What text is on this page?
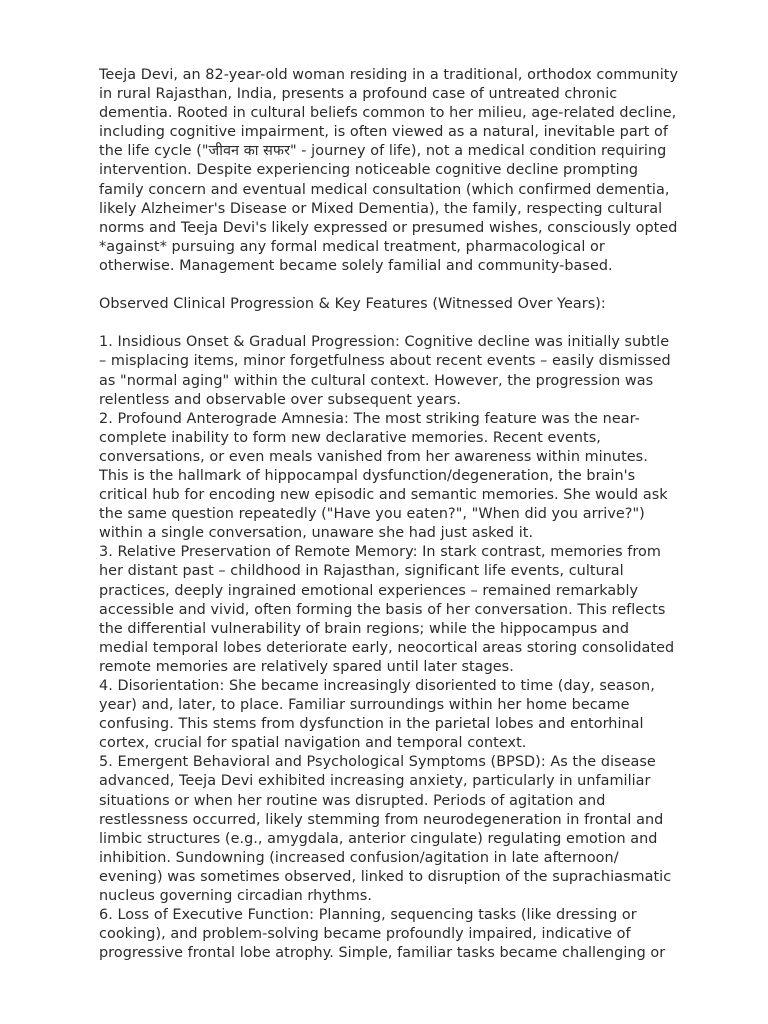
Teeja Devi, an 82-year-old woman residing in a traditional, orthodox community in rural Rajasthan, India, presents a profound case of untreated chronic dementia. Rooted in cultural beliefs common to her milieu, age-related decline, including cognitive impairment, is often viewed as a natural, inevitable part of the life cycle ("जीवन का सफर" - journey of life), not a medical condition requiring intervention. Despite experiencing noticeable cognitive decline prompting family concern and eventual medical consultation (which confirmed dementia, likely Alzheimer's Disease or Mixed Dementia), the family, respecting cultural norms and Teeja Devi's likely expressed or presumed wishes, consciously opted *against* pursuing any formal medical treatment, pharmacological or otherwise. Management became solely familial and community-based.

Observed Clinical Progression & Key Features (Witnessed Over Years):

1. Insidious Onset & Gradual Progression: Cognitive decline was initially subtle – misplacing items, minor forgetfulness about recent events – easily dismissed as "normal aging" within the cultural context. However, the progression was relentless and observable over subsequent years.

2. Profound Anterograde Amnesia: The most striking feature was the near-complete inability to form new declarative memories. Recent events, conversations, or even meals vanished from her awareness within minutes. This is the hallmark of hippocampal dysfunction/degeneration, the brain's critical hub for encoding new episodic and semantic memories. She would ask the same question repeatedly ("Have you eaten?", "When did you arrive?") within a single conversation, unaware she had just asked it.

3. Relative Preservation of Remote Memory: In stark contrast, memories from her distant past – childhood in Rajasthan, significant life events, cultural practices, deeply ingrained emotional experiences – remained remarkably accessible and vivid, often forming the basis of her conversation. This reflects the differential vulnerability of brain regions; while the hippocampus and medial temporal lobes deteriorate early, neocortical areas storing consolidated remote memories are relatively spared until later stages.

4. Disorientation: She became increasingly disoriented to time (day, season, year) and, later, to place. Familiar surroundings within her home became confusing. This stems from dysfunction in the parietal lobes and entorhinal cortex, crucial for spatial navigation and temporal context.

5. Emergent Behavioral and Psychological Symptoms (BPSD): As the disease advanced, Teeja Devi exhibited increasing anxiety, particularly in unfamiliar situations or when her routine was disrupted. Periods of agitation and restlessness occurred, likely stemming from neurodegeneration in frontal and limbic structures (e.g., amygdala, anterior cingulate) regulating emotion and inhibition. Sundowning (increased confusion/agitation in late afternoon/ evening) was sometimes observed, linked to disruption of the suprachiasmatic nucleus governing circadian rhythms.

6. Loss of Executive Function: Planning, sequencing tasks (like dressing or cooking), and problem-solving became profoundly impaired, indicative of progressive frontal lobe atrophy. Simple, familiar tasks became challenging or
